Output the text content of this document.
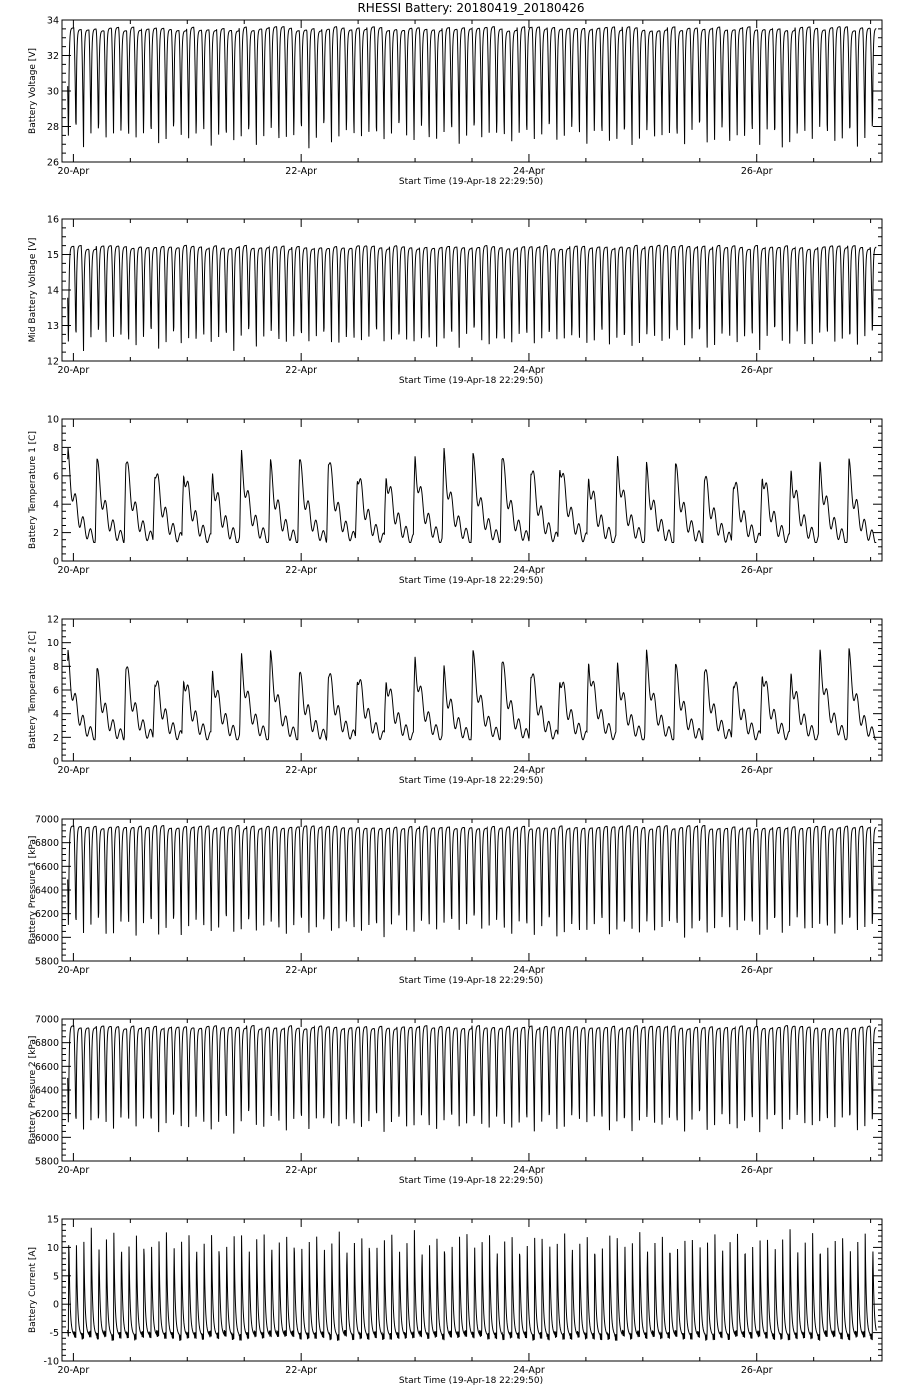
RHESSI Battery: 20180419_20180426
26
28
30
32
34
20-Apr	22-Apr	24-Apr	26-Apr
Start Time (19-Apr-18 22:29:50)
Battery Voltage [V]
12
13
14
15
16
20-Apr	22-Apr	24-Apr	26-Apr
Start Time (19-Apr-18 22:29:50)
Mid Battery Voltage [V]
0
2
4
6
8
10
20-Apr	22-Apr	24-Apr	26-Apr
Start Time (19-Apr-18 22:29:50)
Battery Temperature 1 [C]
0
2
4
6
8
10
12
20-Apr	22-Apr	24-Apr	26-Apr
Start Time (19-Apr-18 22:29:50)
Battery Temperature 2 [C]
5800
6000
6200
6400
6600
6800
7000
20-Apr	22-Apr	24-Apr	26-Apr
Start Time (19-Apr-18 22:29:50)
Battery Pressure 1 [kPa]
5800
6000
6200
6400
6600
6800
7000
20-Apr	22-Apr	24-Apr	26-Apr
Start Time (19-Apr-18 22:29:50)
Battery Pressure 2 [kPa]
-10
-5
0
5
10
15
20-Apr	22-Apr	24-Apr	26-Apr
Start Time (19-Apr-18 22:29:50)
Battery Current [A]
